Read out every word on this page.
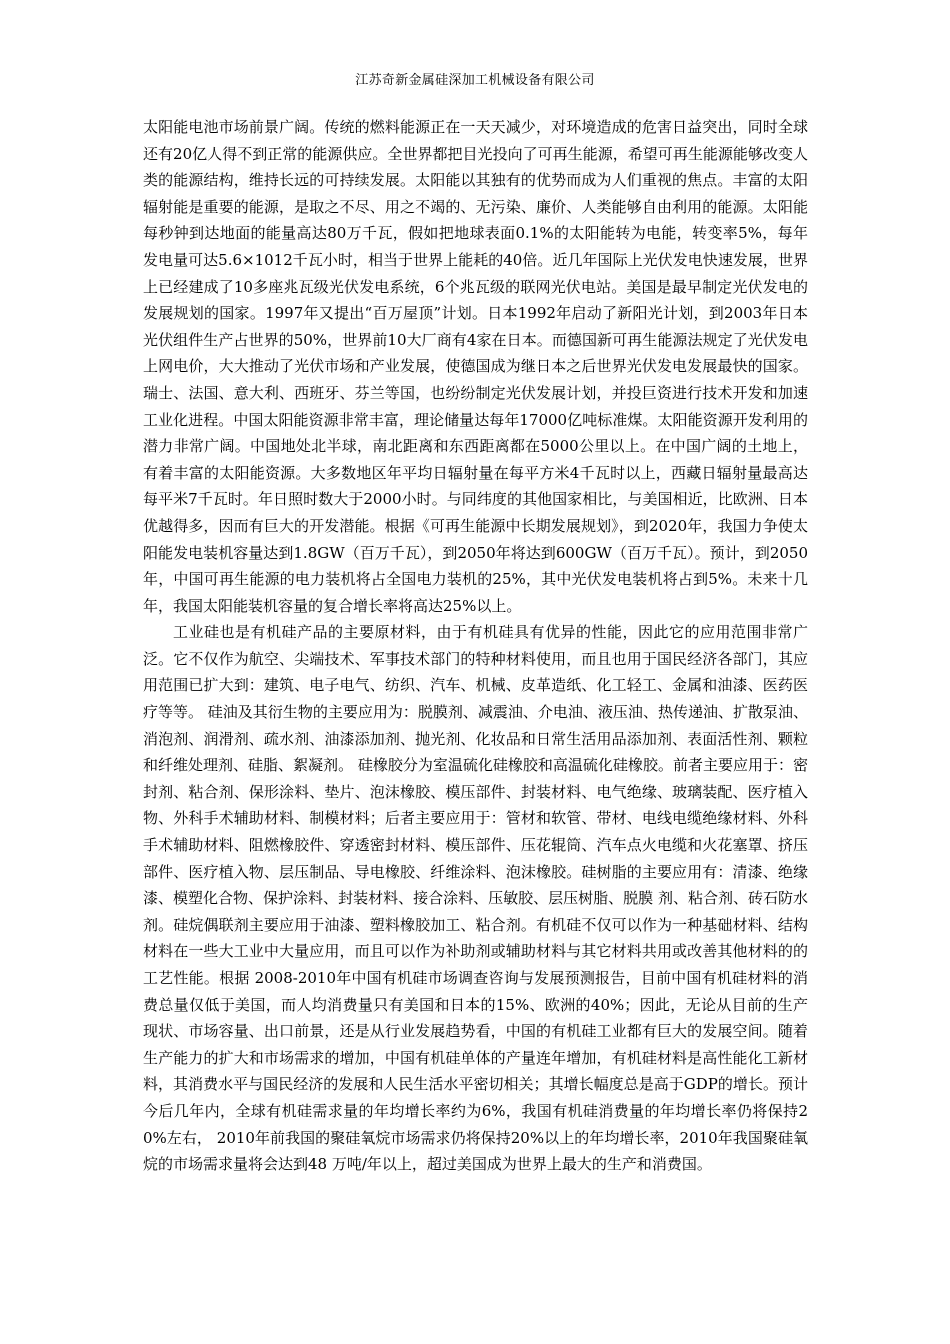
江苏奇新金属硅深加工机械设备有限公司

太阳能电池市场前景广阔。传统的燃料能源正在一天天减少，对环境造成的危害日益突出，同时全球还有20亿人得不到正常的能源供应。全世界都把目光投向了可再生能源，希望可再生能源能够改变人类的能源结构，维持长远的可持续发展。太阳能以其独有的优势而成为人们重视的焦点。丰富的太阳辐射能是重要的能源，是取之不尽、用之不竭的、无污染、廉价、人类能够自由利用的能源。太阳能每秒钟到达地面的能量高达80万千瓦，假如把地球表面0.1%的太阳能转为电能，转变率5%，每年发电量可达5.6×1012千瓦小时，相当于世界上能耗的40倍。近几年国际上光伏发电快速发展，世界上已经建成了10多座兆瓦级光伏发电系统，6个兆瓦级的联网光伏电站。美国是最早制定光伏发电的发展规划的国家。1997年又提出“百万屋顶”计划。日本1992年启动了新阳光计划，到2003年日本光伏组件生产占世界的50%，世界前10大厂商有4家在日本。而德国新可再生能源法规定了光伏发电上网电价，大大推动了光伏市场和产业发展，使德国成为继日本之后世界光伏发电发展最快的国家。瑞士、法国、意大利、西班牙、芬兰等国，也纷纷制定光伏发展计划，并投巨资进行技术开发和加速工业化进程。中国太阳能资源非常丰富，理论储量达每年17000亿吨标准煤。太阳能资源开发利用的潜力非常广阔。中国地处北半球，南北距离和东西距离都在5000公里以上。在中国广阔的土地上，有着丰富的太阳能资源。大多数地区年平均日辐射量在每平方米4千瓦时以上，西藏日辐射量最高达每平米7千瓦时。年日照时数大于2000小时。与同纬度的其他国家相比，与美国相近，比欧洲、日本优越得多，因而有巨大的开发潜能。根据《可再生能源中长期发展规划》，到2020年，我国力争使太阳能发电装机容量达到1.8GW（百万千瓦），到2050年将达到600GW（百万千瓦）。预计，到2050年，中国可再生能源的电力装机将占全国电力装机的25%，其中光伏发电装机将占到5%。未来十几年，我国太阳能装机容量的复合增长率将高达25%以上。

工业硅也是有机硅产品的主要原材料，由于有机硅具有优异的性能，因此它的应用范围非常广泛。它不仅作为航空、尖端技术、军事技术部门的特种材料使用，而且也用于国民经济各部门，其应用范围已扩大到：建筑、电子电气、纺织、汽车、机械、皮革造纸、化工轻工、金属和油漆、医药医疗等等。 硅油及其衍生物的主要应用为：脱膜剂、减震油、介电油、液压油、热传递油、扩散泵油、消泡剂、润滑剂、疏水剂、油漆添加剂、抛光剂、化妆品和日常生活用品添加剂、表面活性剂、颗粒和纤维处理剂、硅脂、絮凝剂。 硅橡胶分为室温硫化硅橡胶和高温硫化硅橡胶。前者主要应用于：密封剂、粘合剂、保形涂料、垫片、泡沫橡胶、模压部件、封装材料、电气绝缘、玻璃装配、医疗植入物、外科手术辅助材料、制模材料；后者主要应用于：管材和软管、带材、电线电缆绝缘材料、外科手术辅助材料、阻燃橡胶件、穿透密封材料、模压部件、压花辊筒、汽车点火电缆和火花塞罩、挤压部件、医疗植入物、层压制品、导电橡胶、纤维涂料、泡沫橡胶。硅树脂的主要应用有：清漆、绝缘漆、模塑化合物、保护涂料、封装材料、接合涂料、压敏胶、层压树脂、脱膜 剂、粘合剂、砖石防水剂。硅烷偶联剂主要应用于油漆、塑料橡胶加工、粘合剂。有机硅不仅可以作为一种基础材料、结构材料在一些大工业中大量应用，而且可以作为补助剂或辅助材料与其它材料共用或改善其他材料的的工艺性能。根据 2008-2010年中国有机硅市场调查咨询与发展预测报告，目前中国有机硅材料的消费总量仅低于美国，而人均消费量只有美国和日本的15%、欧洲的40%；因此，无论从目前的生产现状、市场容量、出口前景，还是从行业发展趋势看，中国的有机硅工业都有巨大的发展空间。随着生产能力的扩大和市场需求的增加，中国有机硅单体的产量连年增加，有机硅材料是高性能化工新材料，其消费水平与国民经济的发展和人民生活水平密切相关；其增长幅度总是高于GDP的增长。预计今后几年内，全球有机硅需求量的年均增长率约为6%，我国有机硅消费量的年均增长率仍将保持20%左右， 2010年前我国的聚硅氧烷市场需求仍将保持20%以上的年均增长率，2010年我国聚硅氧烷的市场需求量将会达到48 万吨/年以上，超过美国成为世界上最大的生产和消费国。
